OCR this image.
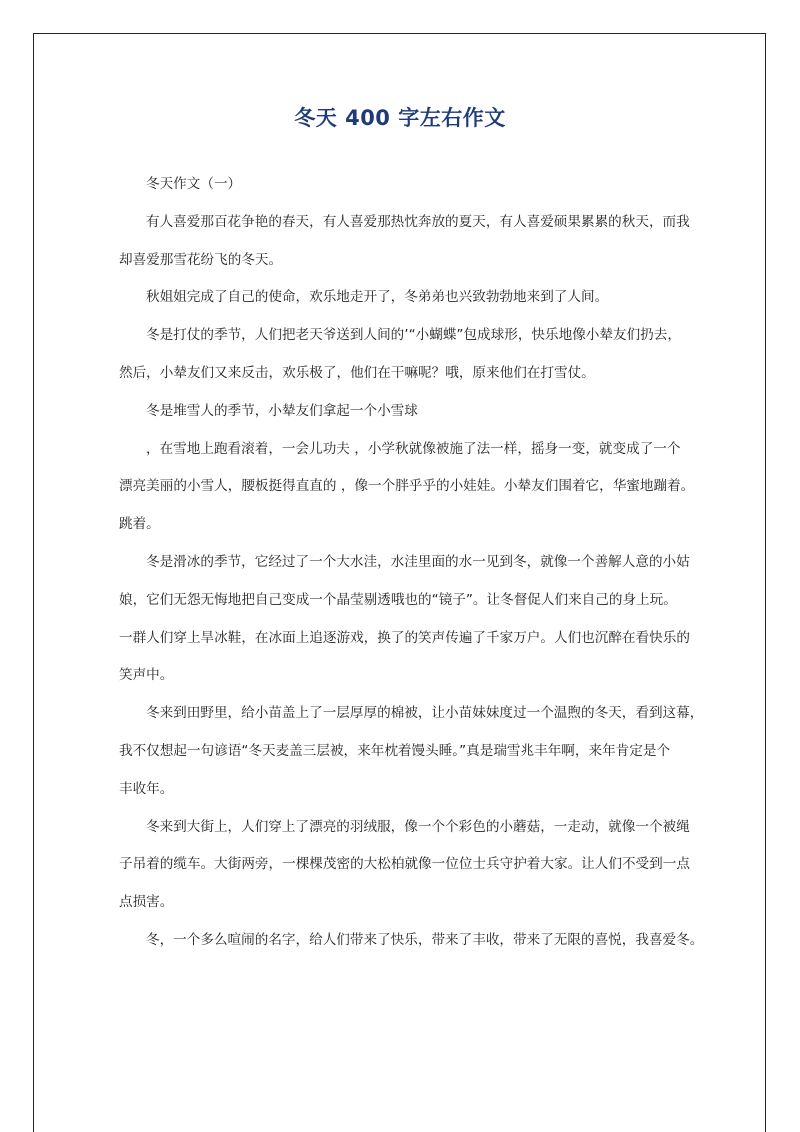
冬天 400 字左右作文
冬天作文（一）
有人喜爱那百花争艳的春天，有人喜爱那热忱奔放的夏天，有人喜爱硕果累累的秋天，而我
却喜爱那雪花纷飞的冬天。
秋姐姐完成了自己的使命，欢乐地走开了，冬弟弟也兴致勃勃地来到了人间。
冬是打仗的季节，人们把老天爷送到人间的’“小蝴蝶”包成球形，快乐地像小辇友们扔去，
然后，小辇友们又来反击，欢乐极了，他们在干嘛呢？哦，原来他们在打雪仗。
冬是堆雪人的季节，小辇友们拿起一个小雪球
，在雪地上跑看滚着，一会儿功夫 ，小学秋就像被施了法一样，摇身一变，就变成了一个
漂亮美丽的小雪人，腰板挺得直直的 ，像一个胖乎乎的小娃娃。小辇友们围着它，华蜜地蹦着。
跳着。
冬是滑冰的季节，它经过了一个大水洼，水洼里面的水一见到冬，就像一个善解人意的小姑
娘，它们无怨无悔地把自己变成一个晶莹剔透哦也的“镜子”。让冬督促人们来自己的身上玩。
一群人们穿上旱冰鞋，在冰面上追逐游戏，换了的笑声传遍了千家万户。人们也沉醉在看快乐的
笑声中。
冬来到田野里，给小苗盖上了一层厚厚的棉被，让小苗妹妹度过一个温煦的冬天，看到这幕，
我不仅想起一句谚语“冬天麦盖三层被，来年枕着馒头睡。”真是瑞雪兆丰年啊，来年肯定是个
丰收年。
冬来到大街上，人们穿上了漂亮的羽绒服，像一个个彩色的小蘑菇，一走动，就像一个被绳
子吊着的缆车。大街两旁，一棵棵茂密的大松柏就像一位位士兵守护着大家。让人们不受到一点
点损害。
冬，一个多么喧闹的名字，给人们带来了快乐，带来了丰收，带来了无限的喜悦，我喜爱冬。
